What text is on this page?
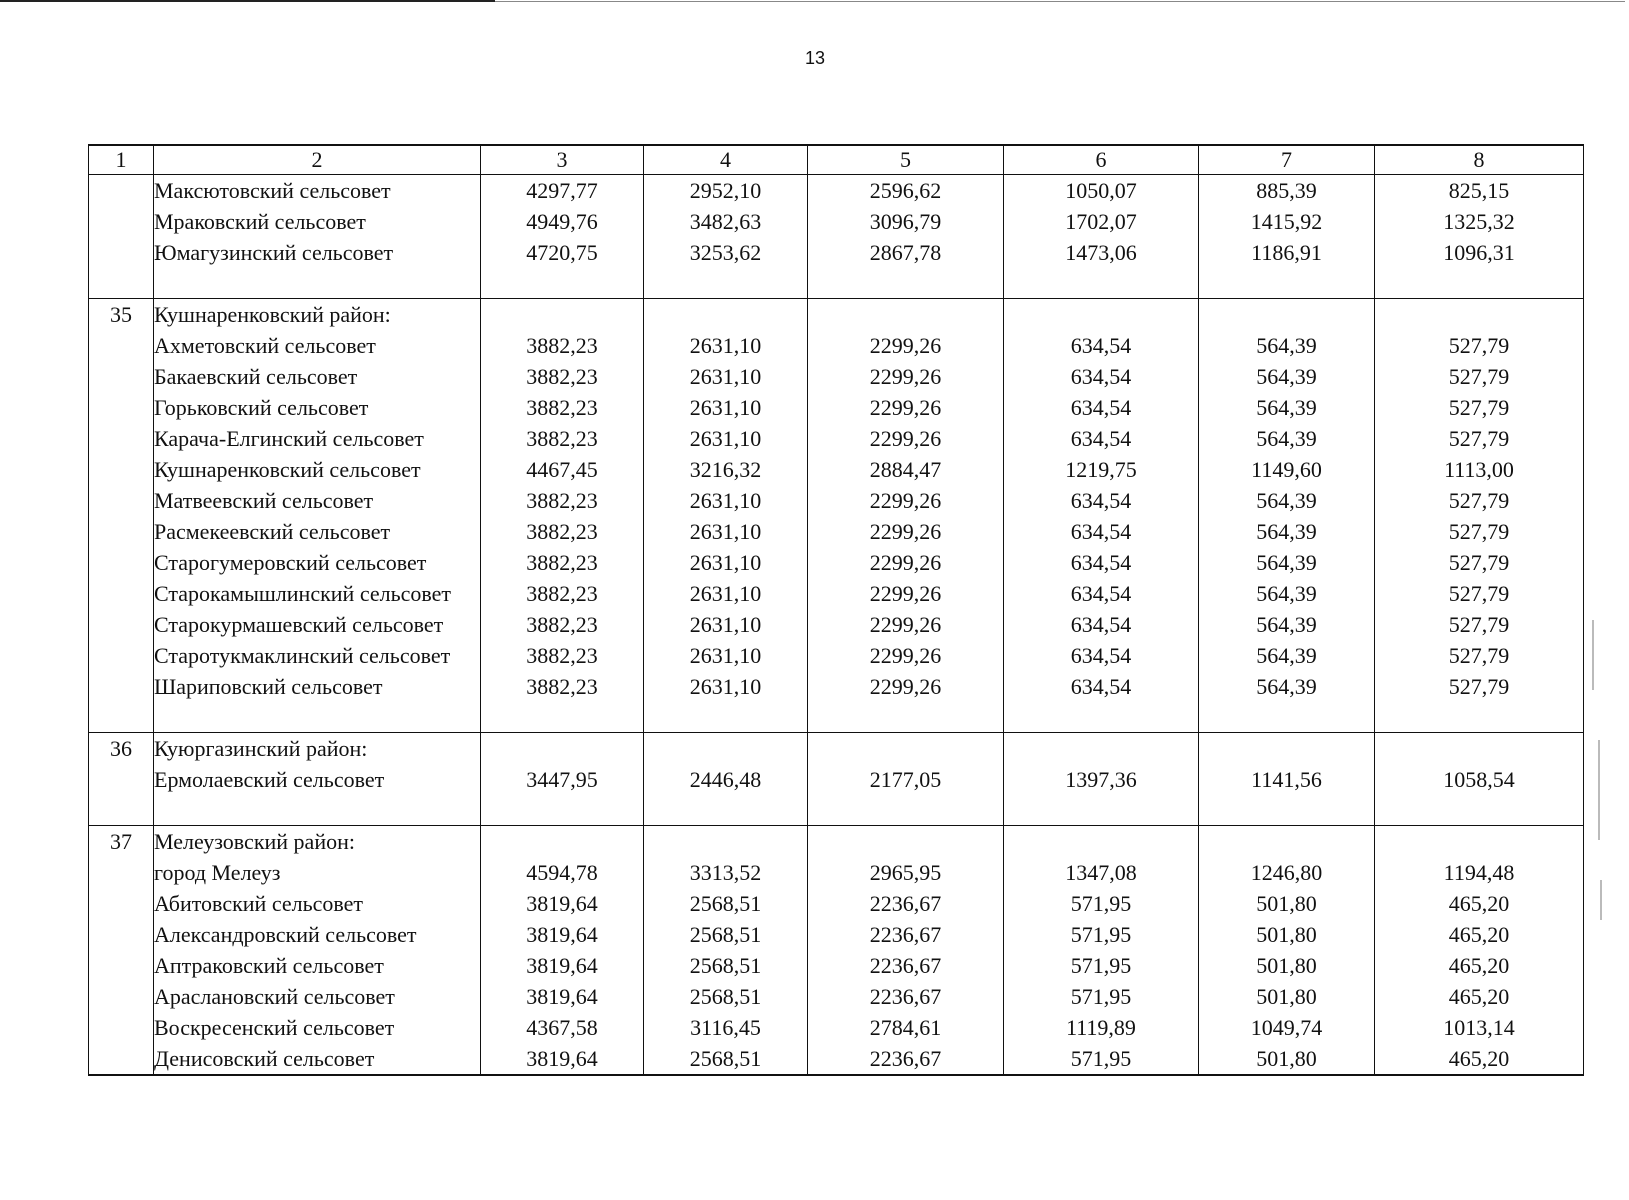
13
1	2	3	4	5	6	7	8
	Максютовский сельсовет	4297,77	2952,10	2596,62	1050,07	885,39	825,15
	Мраковский сельсовет	4949,76	3482,63	3096,79	1702,07	1415,92	1325,32
	Юмагузинский сельсовет	4720,75	3253,62	2867,78	1473,06	1186,91	1096,31

35	Кушнаренковский район:						
	Ахметовский сельсовет	3882,23	2631,10	2299,26	634,54	564,39	527,79
	Бакаевский сельсовет	3882,23	2631,10	2299,26	634,54	564,39	527,79
	Горьковский сельсовет	3882,23	2631,10	2299,26	634,54	564,39	527,79
	Карача-Елгинский сельсовет	3882,23	2631,10	2299,26	634,54	564,39	527,79
	Кушнаренковский сельсовет	4467,45	3216,32	2884,47	1219,75	1149,60	1113,00
	Матвеевский сельсовет	3882,23	2631,10	2299,26	634,54	564,39	527,79
	Расмекеевский сельсовет	3882,23	2631,10	2299,26	634,54	564,39	527,79
	Старогумеровский сельсовет	3882,23	2631,10	2299,26	634,54	564,39	527,79
	Старокамышлинский сельсовет	3882,23	2631,10	2299,26	634,54	564,39	527,79
	Старокурмашевский сельсовет	3882,23	2631,10	2299,26	634,54	564,39	527,79
	Старотукмаклинский сельсовет	3882,23	2631,10	2299,26	634,54	564,39	527,79
	Шариповский сельсовет	3882,23	2631,10	2299,26	634,54	564,39	527,79

36	Куюргазинский район:						
	Ермолаевский сельсовет	3447,95	2446,48	2177,05	1397,36	1141,56	1058,54

37	Мелеузовский район:						
	город Мелеуз	4594,78	3313,52	2965,95	1347,08	1246,80	1194,48
	Абитовский сельсовет	3819,64	2568,51	2236,67	571,95	501,80	465,20
	Александровский сельсовет	3819,64	2568,51	2236,67	571,95	501,80	465,20
	Аптраковский сельсовет	3819,64	2568,51	2236,67	571,95	501,80	465,20
	Араслановский сельсовет	3819,64	2568,51	2236,67	571,95	501,80	465,20
	Воскресенский сельсовет	4367,58	3116,45	2784,61	1119,89	1049,74	1013,14
	Денисовский сельсовет	3819,64	2568,51	2236,67	571,95	501,80	465,20
